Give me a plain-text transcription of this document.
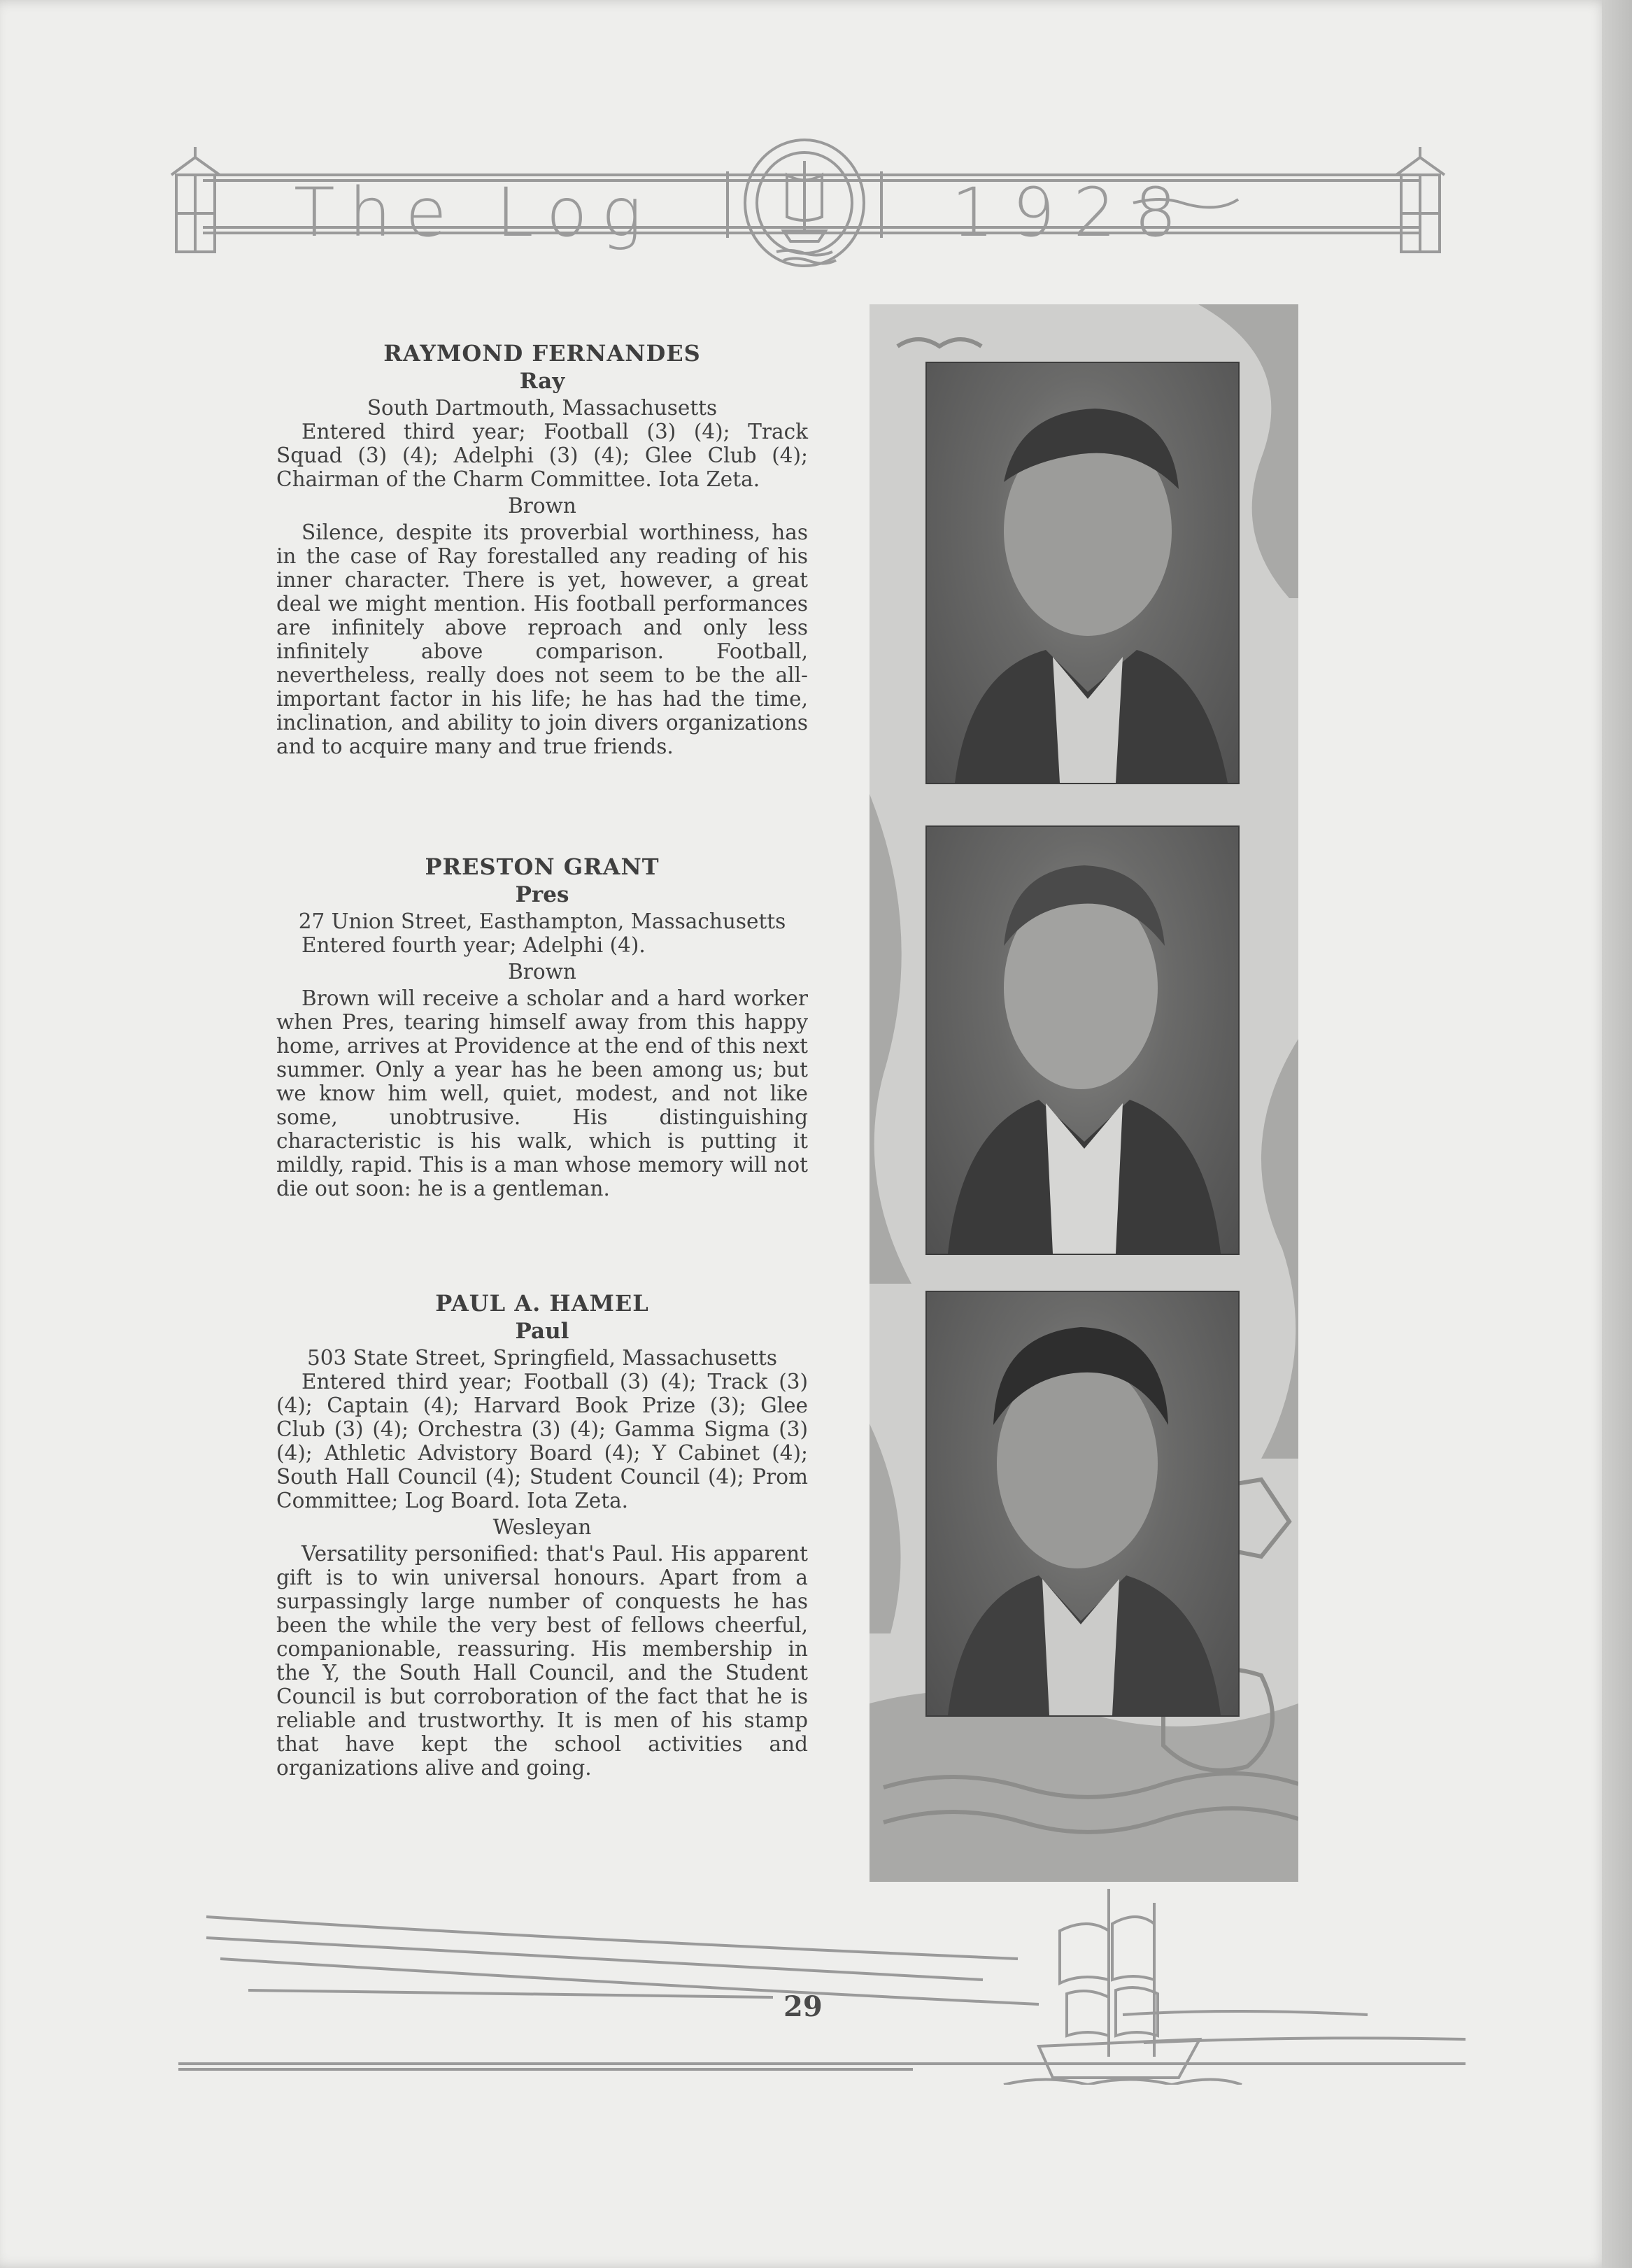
The Log	1928
RAYMOND FERNANDES
Ray
South Dartmouth, Massachusetts
Entered third year; Football (3) (4); Track Squad (3) (4); Adelphi (3) (4); Glee Club (4); Chairman of the Charm Committee. Iota Zeta.
Brown
Silence, despite its proverbial worthiness, has in the case of Ray forestalled any reading of his inner character. There is yet, however, a great deal we might mention. His football performances are infinitely above reproach and only less infinitely above comparison. Football, nevertheless, really does not seem to be the all-important factor in his life; he has had the time, inclination, and ability to join divers organizations and to acquire many and true friends.
PRESTON GRANT
Pres
27 Union Street, Easthampton, Massachusetts
Entered fourth year; Adelphi (4).
Brown
Brown will receive a scholar and a hard worker when Pres, tearing himself away from this happy home, arrives at Providence at the end of this next summer. Only a year has he been among us; but we know him well, quiet, modest, and not like some, unobtrusive. His distinguishing characteristic is his walk, which is putting it mildly, rapid. This is a man whose memory will not die out soon: he is a gentleman.
PAUL A. HAMEL
Paul
503 State Street, Springfield, Massachusetts
Entered third year; Football (3) (4); Track (3) (4); Captain (4); Harvard Book Prize (3); Glee Club (3) (4); Orchestra (3) (4); Gamma Sigma (3) (4); Athletic Advistory Board (4); Y Cabinet (4); South Hall Council (4); Student Council (4); Prom Committee; Log Board. Iota Zeta.
Wesleyan
Versatility personified: that's Paul. His apparent gift is to win universal honours. Apart from a surpassingly large number of conquests he has been the while the very best of fellows cheerful, companionable, reassuring. His membership in the Y, the South Hall Council, and the Student Council is but corroboration of the fact that he is reliable and trustworthy. It is men of his stamp that have kept the school activities and organizations alive and going.
29
